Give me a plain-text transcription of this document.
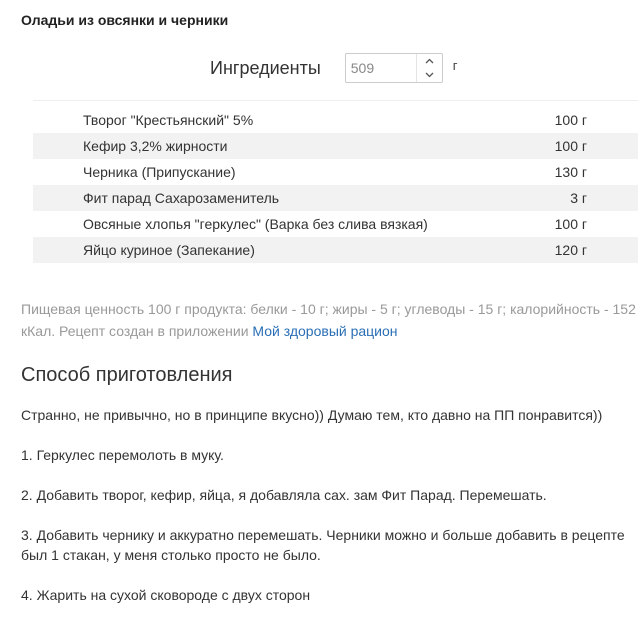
Оладьи из овсянки и черники
Ингредиенты
509	г
Творог "Крестьянский" 5%	100 г
Кефир 3,2% жирности	100 г
Черника (Припускание)	130 г
Фит парад Сахарозаменитель	3 г
Овсяные хлопья "геркулес" (Варка без слива вязкая)	100 г
Яйцо куриное (Запекание)	120 г
Пищевая ценность 100 г продукта: белки - 10 г; жиры - 5 г; углеводы - 15 г; калорийность - 152 кКал. Рецепт создан в приложении Мой здоровый рацион
Способ приготовления

Странно, не привычно, но в принципе вкусно)) Думаю тем, кто давно на ПП понравится))

1. Геркулес перемолоть в муку.

2. Добавить творог, кефир, яйца, я добавляла сах. зам Фит Парад. Перемешать.

3. Добавить чернику и аккуратно перемешать. Черники можно и больше добавить в рецепте был 1 стакан, у меня столько просто не было.

4. Жарить на сухой сковороде с двух сторон
